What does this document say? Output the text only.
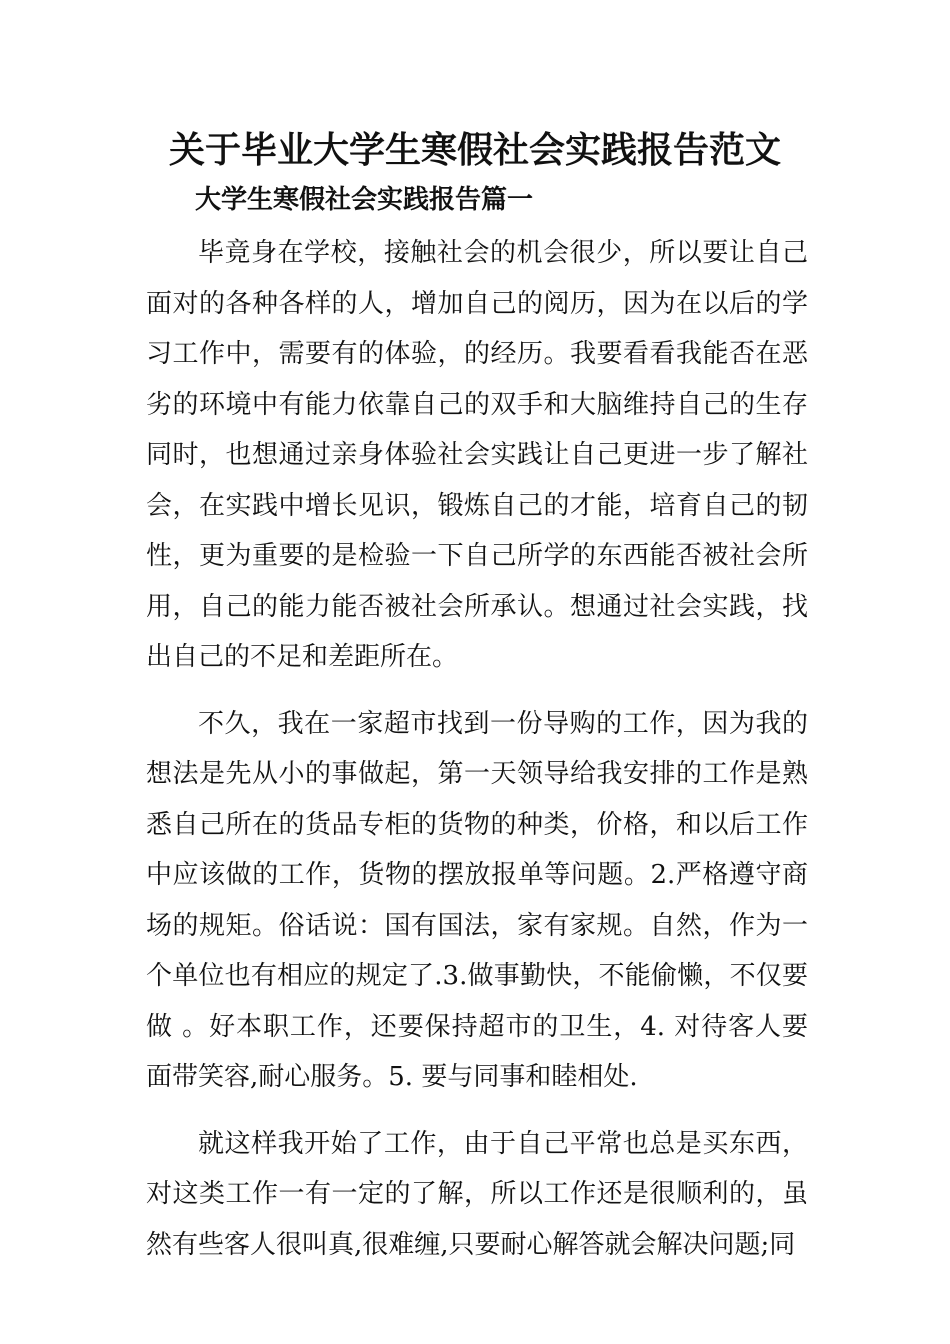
关于毕业大学生寒假社会实践报告范文
大学生寒假社会实践报告篇一

毕竟身在学校，接触社会的机会很少，所以要让自己面对的各种各样的人，增加自己的阅历，因为在以后的学习工作中，需要有的体验，的经历。我要看看我能否在恶劣的环境中有能力依靠自己的双手和大脑维持自己的生存同时，也想通过亲身体验社会实践让自己更进一步了解社会，在实践中增长见识，锻炼自己的才能，培育自己的韧性，更为重要的是检验一下自己所学的东西能否被社会所用，自己的能力能否被社会所承认。想通过社会实践，找出自己的不足和差距所在。

不久，我在一家超市找到一份导购的工作，因为我的想法是先从小的事做起，第一天领导给我安排的工作是熟悉自己所在的货品专柜的货物的种类，价格，和以后工作中应该做的工作，货物的摆放报单等问题。2.严格遵守商场的规矩。俗话说：国有国法，家有家规。自然，作为一个单位也有相应的规定了.3.做事勤快，不能偷懒，不仅要做 。好本职工作，还要保持超市的卫生，4. 对待客人要面带笑容,耐心服务。5. 要与同事和睦相处.

就这样我开始了工作，由于自己平常也总是买东西，对这类工作一有一定的了解，所以工作还是很顺利的，虽然有些客人很叫真,很难缠,只要耐心解答就会解决问题;同
